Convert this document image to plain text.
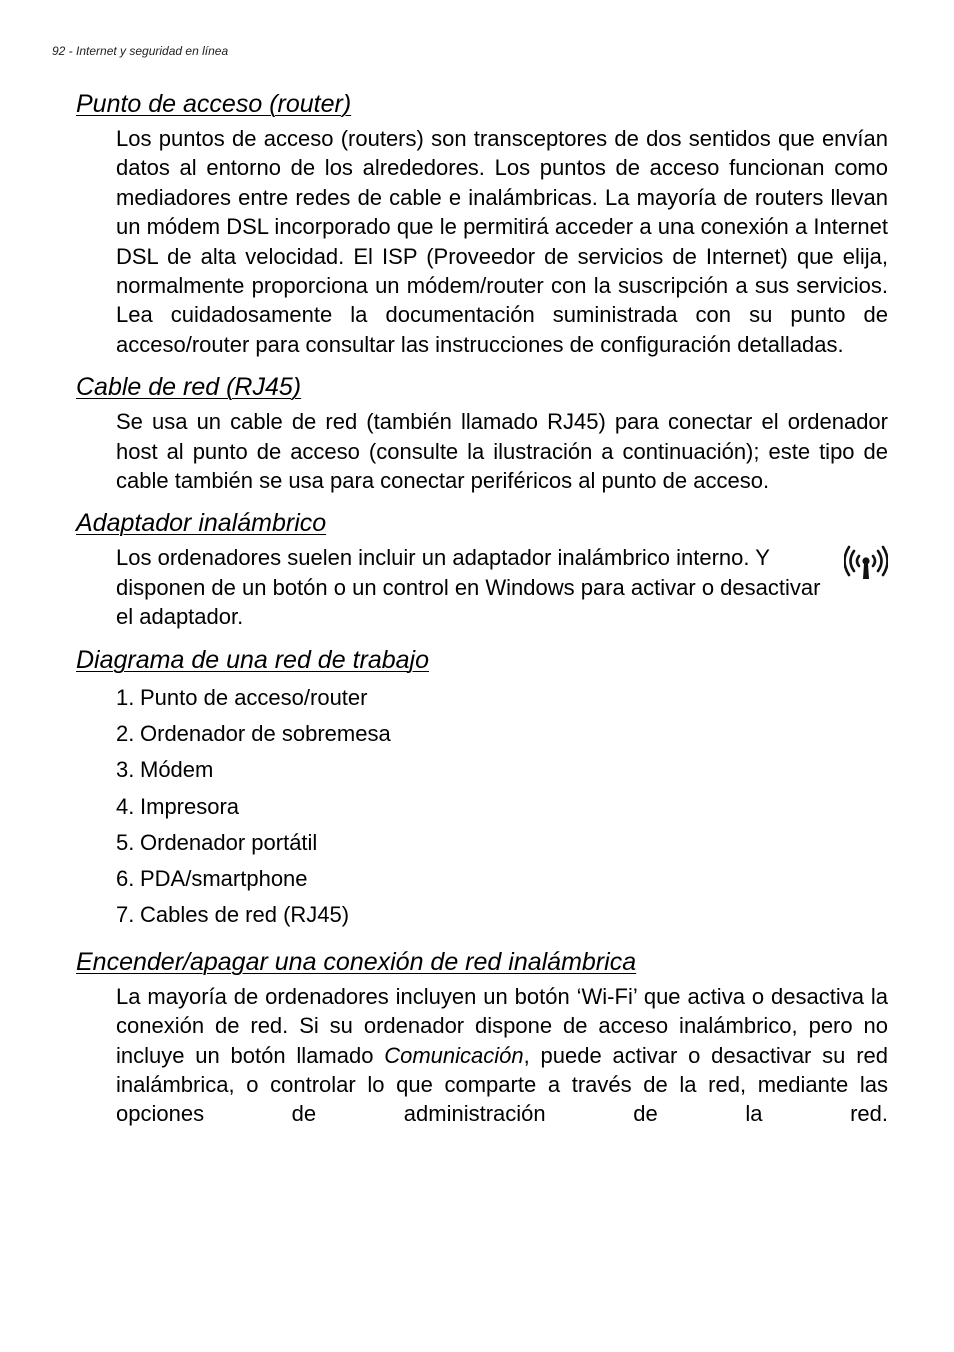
92 - Internet y seguridad en línea
Punto de acceso (router)

Los puntos de acceso (routers) son transceptores de dos sentidos que envían datos al entorno de los alrededores. Los puntos de acceso funcionan como mediadores entre redes de cable e inalámbricas. La mayoría de routers llevan un módem DSL incorporado que le permitirá acceder a una conexión a Internet DSL de alta velocidad. El ISP (Proveedor de servicios de Internet) que elija, normalmente proporciona un módem/router con la suscripción a sus servicios. Lea cuidadosamente la documentación suministrada con su punto de acceso/router para consultar las instrucciones de configuración detalladas.

Cable de red (RJ45)

Se usa un cable de red (también llamado RJ45) para conectar el ordenador host al punto de acceso (consulte la ilustración a continuación); este tipo de cable también se usa para conectar periféricos al punto de acceso.

Adaptador inalámbrico

Los ordenadores suelen incluir un adaptador inalámbrico interno. Y disponen de un botón o un control en Windows para activar o desactivar el adaptador.

Diagrama de una red de trabajo
1. Punto de acceso/router
2. Ordenador de sobremesa
3. Módem
4. Impresora
5. Ordenador portátil
6. PDA/smartphone
7. Cables de red (RJ45)
Encender/apagar una conexión de red inalámbrica

La mayoría de ordenadores incluyen un botón ‘Wi-Fi’ que activa o desactiva la conexión de red. Si su ordenador dispone de acceso inalámbrico, pero no incluye un botón llamado Comunicación, puede activar o desactivar su red inalámbrica, o controlar lo que comparte a través de la red, mediante las opciones de administración de la red.
